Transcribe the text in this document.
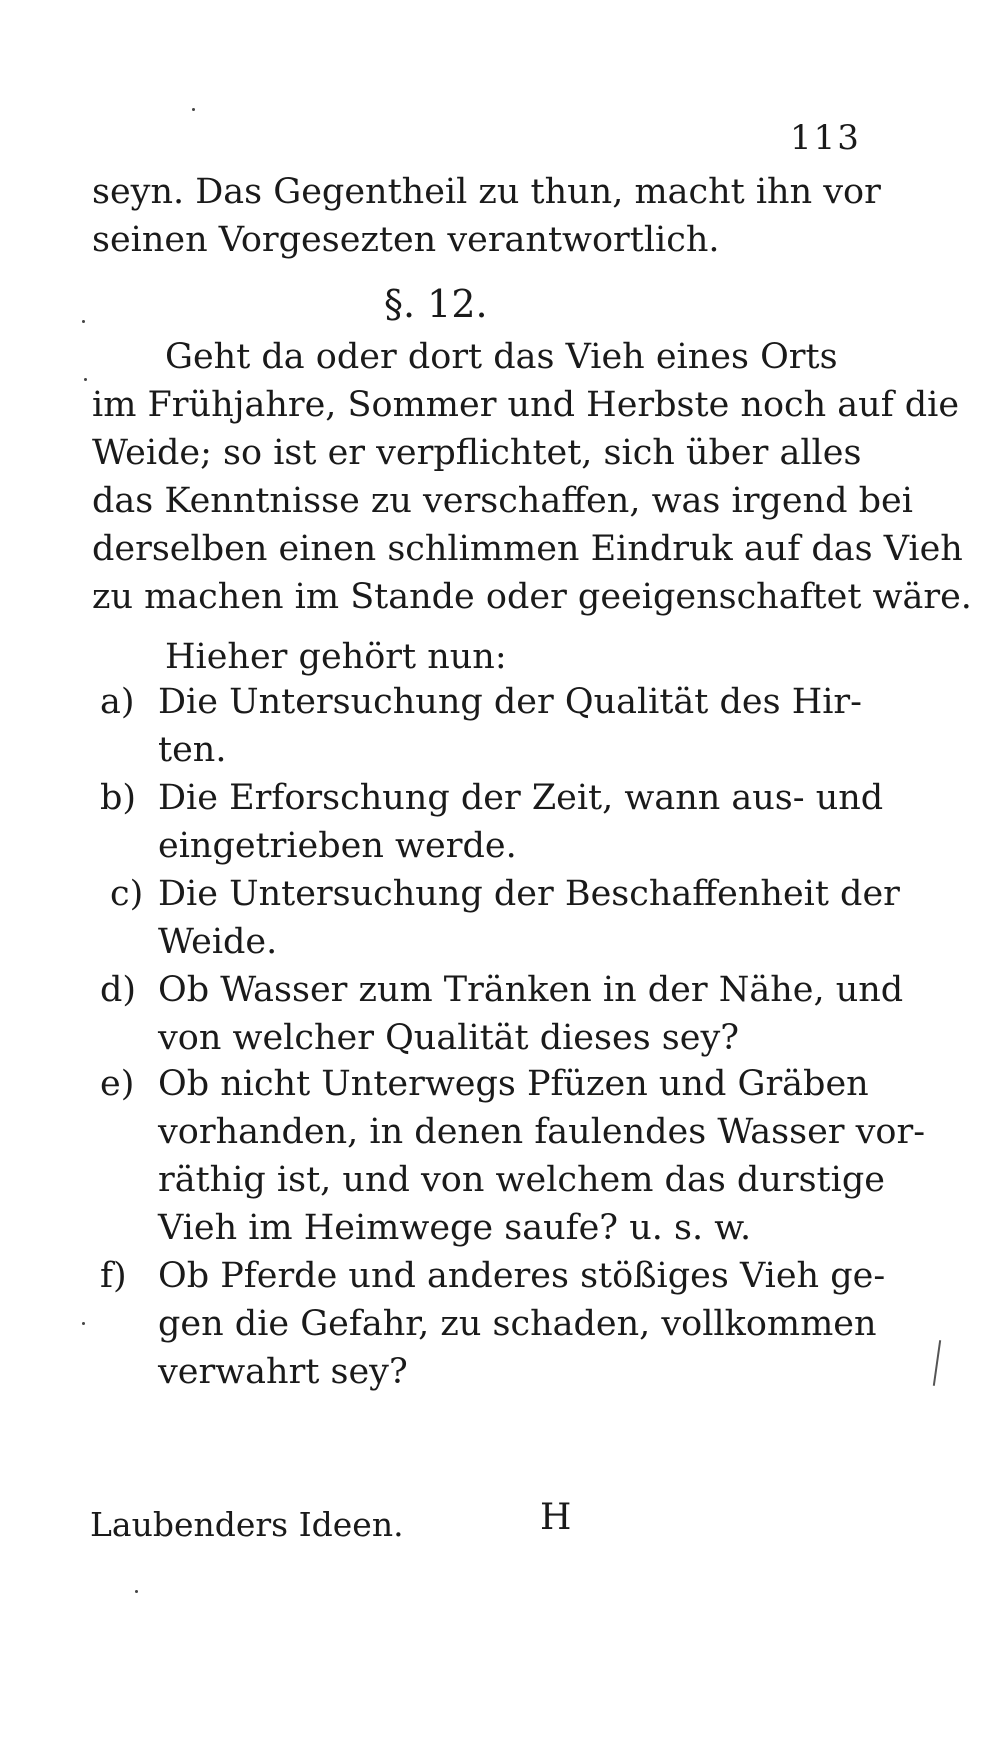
113
seyn. Das Gegentheil zu thun, macht ihn vor
seinen Vorgesezten verantwortlich.
§. 12.
Geht da oder dort das Vieh eines Orts
im Frühjahre, Sommer und Herbste noch auf die
Weide; so ist er verpflichtet, sich über alles
das Kenntnisse zu verschaffen, was irgend bei
derselben einen schlimmen Eindruk auf das Vieh
zu machen im Stande oder geeigenschaftet wäre.
Hieher gehört nun:
a) Die Untersuchung der Qualität des Hir-
ten.
b) Die Erforschung der Zeit, wann aus- und
eingetrieben werde.
c) Die Untersuchung der Beschaffenheit der
Weide.
d) Ob Wasser zum Tränken in der Nähe, und
von welcher Qualität dieses sey?
e) Ob nicht Unterwegs Pfüzen und Gräben
vorhanden, in denen faulendes Wasser vor-
räthig ist, und von welchem das durstige
Vieh im Heimwege saufe? u. s. w.
f) Ob Pferde und anderes stößiges Vieh ge-
gen die Gefahr, zu schaden, vollkommen
verwahrt sey?
Laubenders Ideen.	H
